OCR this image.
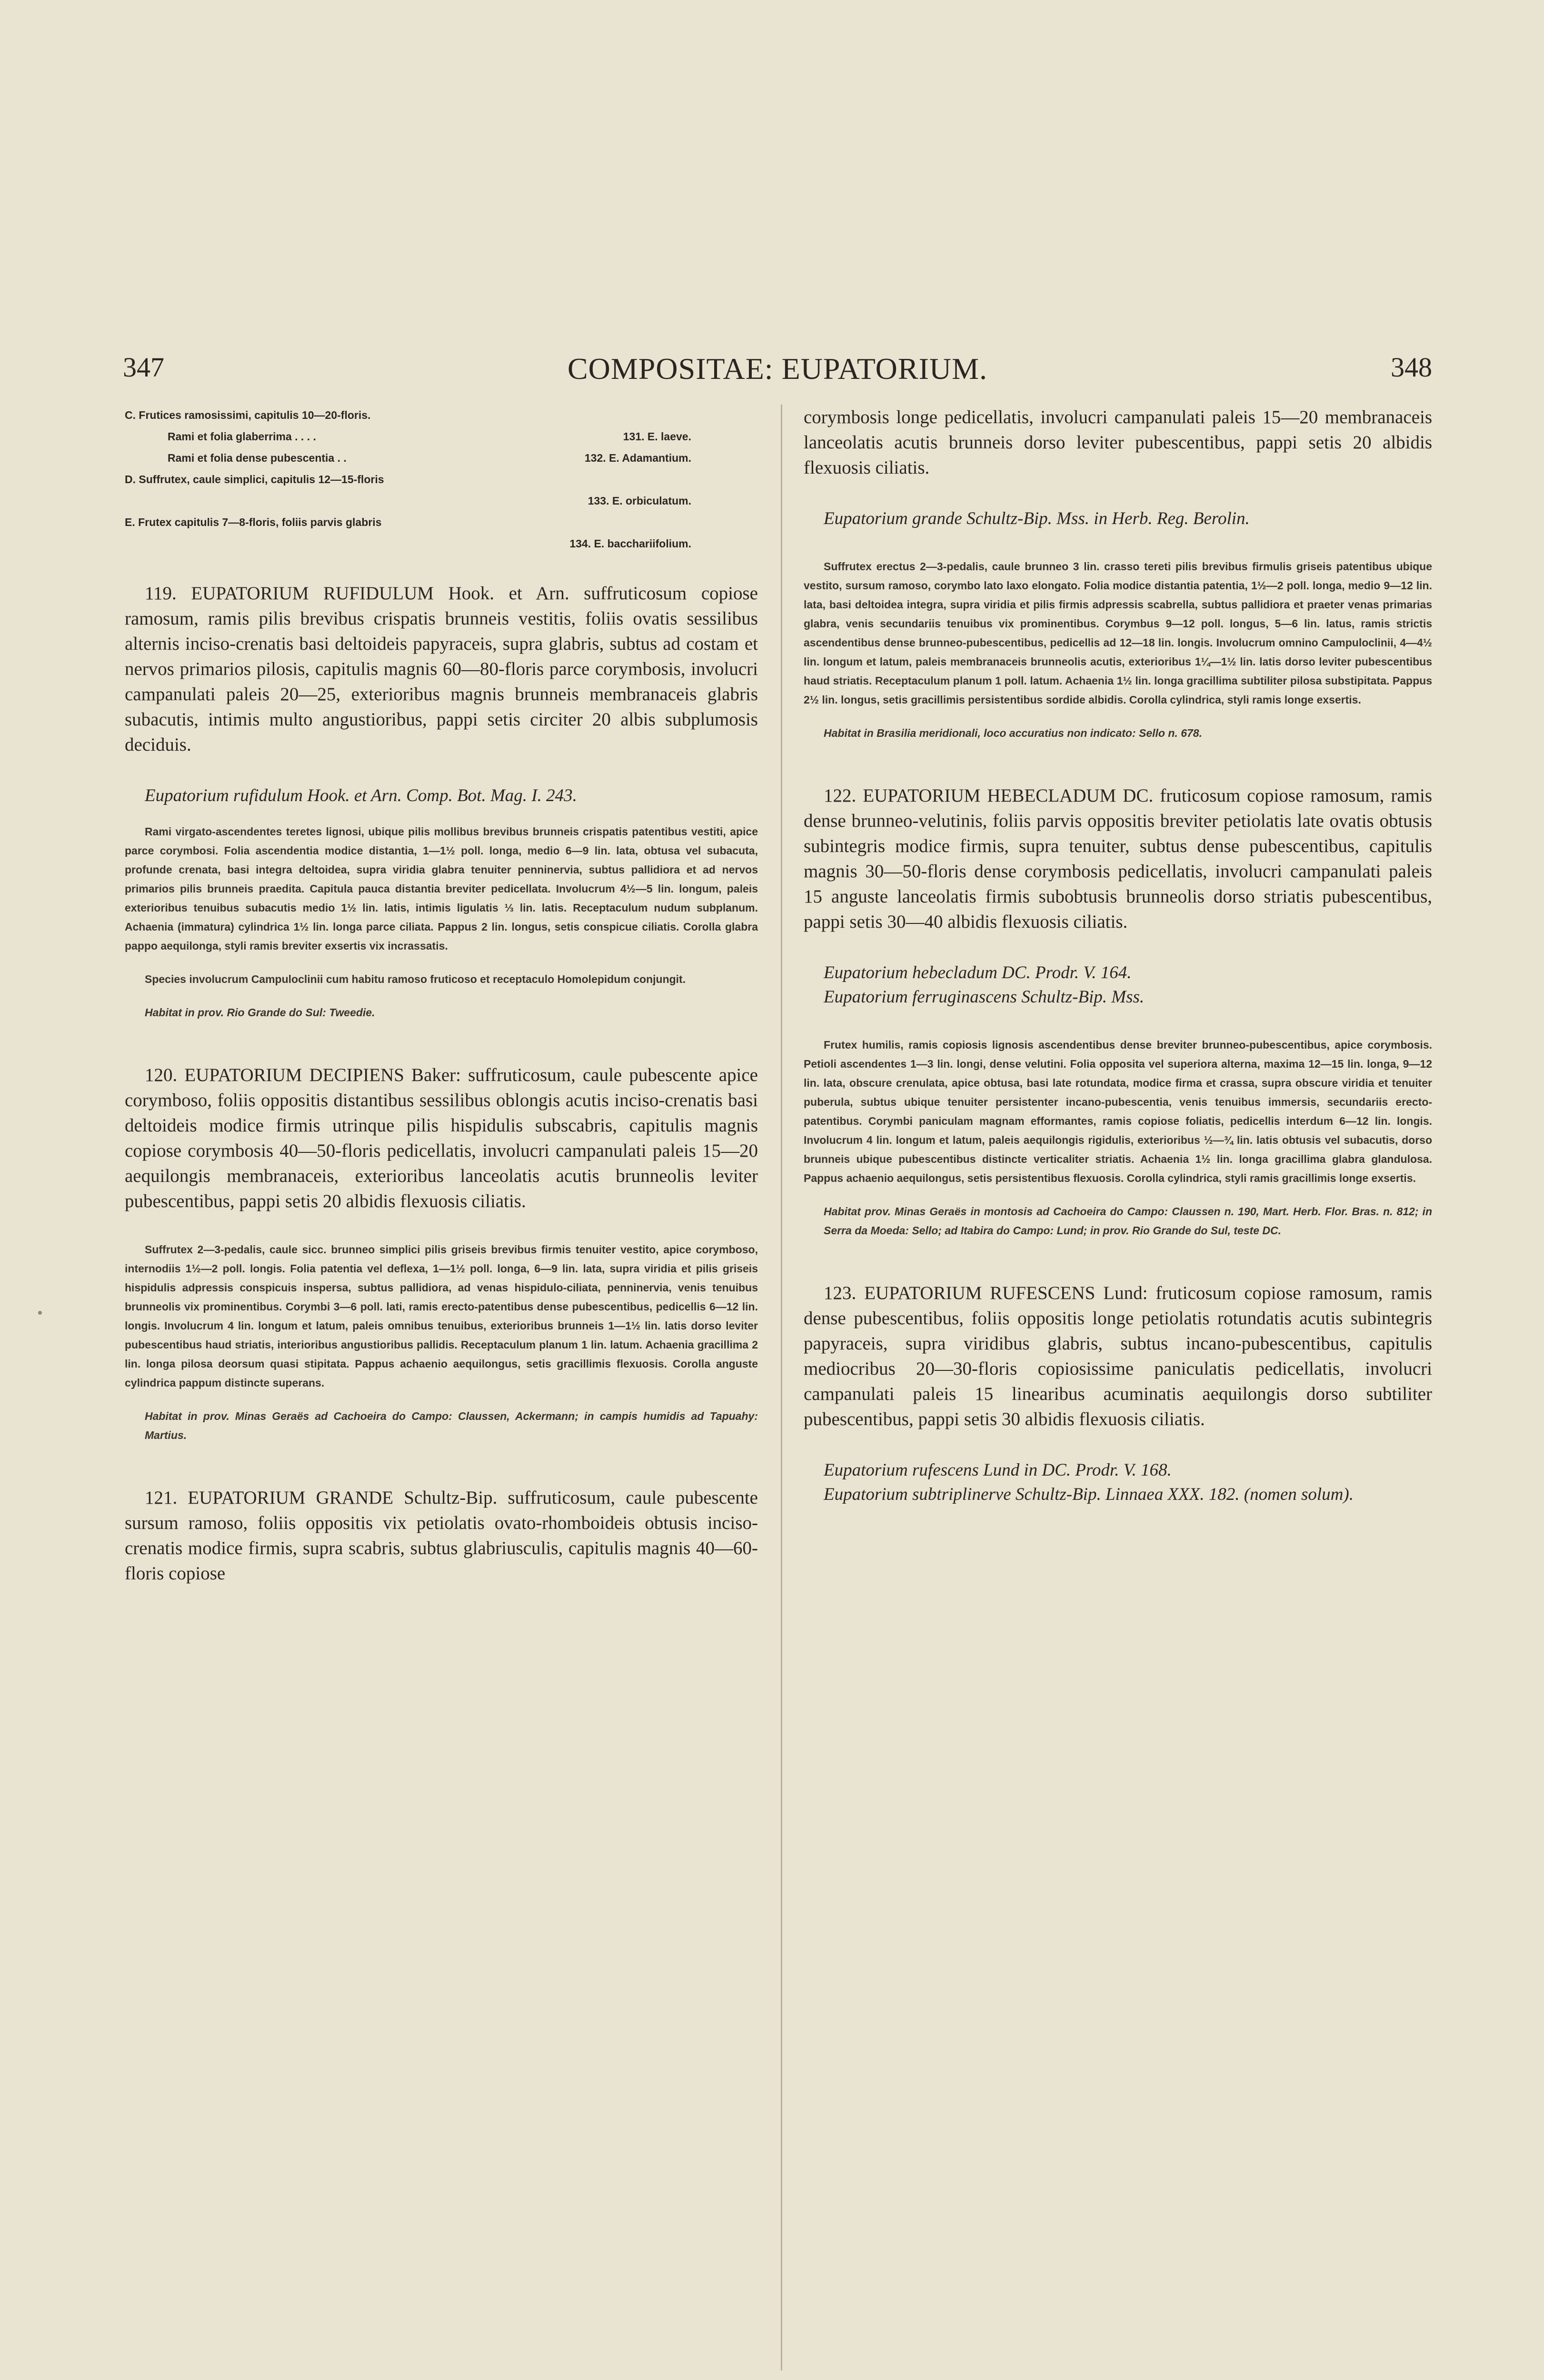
347	COMPOSITAE: EUPATORIUM.	348
•
C. Frutices ramosissimi, capitulis 10—20-floris.
Rami et folia glaberrima . . . .	131. E. laeve.
Rami et folia dense pubescentia . .	132. E. Adamantium.
D. Suffrutex, caule simplici, capitulis 12—15-floris
133. E. orbiculatum.
E. Frutex capitulis 7—8-floris, foliis parvis glabris
134. E. bacchariifolium.

119. EUPATORIUM RUFIDULUM Hook. et Arn. suffruticosum copiose ramosum, ramis pilis brevibus crispatis brunneis vestitis, foliis ovatis sessilibus alternis inciso-crenatis basi deltoideis papyraceis, supra glabris, subtus ad costam et nervos primarios pilosis, capitulis magnis 60—80-floris parce corymbosis, involucri campanulati paleis 20—25, exterioribus magnis brunneis membranaceis glabris subacutis, intimis multo angustioribus, pappi setis circiter 20 albis subplumosis deciduis.

Eupatorium rufidulum Hook. et Arn. Comp. Bot. Mag. I. 243.

Rami virgato-ascendentes teretes lignosi, ubique pilis mollibus brevibus brunneis crispatis patentibus vestiti, apice parce corymbosi. Folia ascendentia modice distantia, 1—1½ poll. longa, medio 6—9 lin. lata, obtusa vel subacuta, profunde crenata, basi integra deltoidea, supra viridia glabra tenuiter penninervia, subtus pallidiora et ad nervos primarios pilis brunneis praedita. Capitula pauca distantia breviter pedicellata. Involucrum 4½—5 lin. longum, paleis exterioribus tenuibus subacutis medio 1½ lin. latis, intimis ligulatis ⅓ lin. latis. Receptaculum nudum subplanum. Achaenia (immatura) cylindrica 1½ lin. longa parce ciliata. Pappus 2 lin. longus, setis conspicue ciliatis. Corolla glabra pappo aequilonga, styli ramis breviter exsertis vix incrassatis.

Species involucrum Campuloclinii cum habitu ramoso fruticoso et receptaculo Homolepidum conjungit.

Habitat in prov. Rio Grande do Sul: Tweedie.

120. EUPATORIUM DECIPIENS Baker: suffruticosum, caule pubescente apice corymboso, foliis oppositis distantibus sessilibus oblongis acutis inciso-crenatis basi deltoideis modice firmis utrinque pilis hispidulis subscabris, capitulis magnis copiose corymbosis 40—50-floris pedicellatis, involucri campanulati paleis 15—20 aequilongis membranaceis, exterioribus lanceolatis acutis brunneolis leviter pubescentibus, pappi setis 20 albidis flexuosis ciliatis.

Suffrutex 2—3-pedalis, caule sicc. brunneo simplici pilis griseis brevibus firmis tenuiter vestito, apice corymboso, internodiis 1½—2 poll. longis. Folia patentia vel deflexa, 1—1½ poll. longa, 6—9 lin. lata, supra viridia et pilis griseis hispidulis adpressis conspicuis inspersa, subtus pallidiora, ad venas hispidulo-ciliata, penninervia, venis tenuibus brunneolis vix prominentibus. Corymbi 3—6 poll. lati, ramis erecto-patentibus dense pubescentibus, pedicellis 6—12 lin. longis. Involucrum 4 lin. longum et latum, paleis omnibus tenuibus, exterioribus brunneis 1—1½ lin. latis dorso leviter pubescentibus haud striatis, interioribus angustioribus pallidis. Receptaculum planum 1 lin. latum. Achaenia gracillima 2 lin. longa pilosa deorsum quasi stipitata. Pappus achaenio aequilongus, setis gracillimis flexuosis. Corolla anguste cylindrica pappum distincte superans.

Habitat in prov. Minas Geraës ad Cachoeira do Campo: Claussen, Ackermann; in campis humidis ad Tapuahy: Martius.

121. EUPATORIUM GRANDE Schultz-Bip. suffruticosum, caule pubescente sursum ramoso, foliis oppositis vix petiolatis ovato-rhomboideis obtusis inciso-crenatis modice firmis, supra scabris, subtus glabriusculis, capitulis magnis 40—60-floris copiose

corymbosis longe pedicellatis, involucri campanulati paleis 15—20 membranaceis lanceolatis acutis brunneis dorso leviter pubescentibus, pappi setis 20 albidis flexuosis ciliatis.

Eupatorium grande Schultz-Bip. Mss. in Herb. Reg. Berolin.

Suffrutex erectus 2—3-pedalis, caule brunneo 3 lin. crasso tereti pilis brevibus firmulis griseis patentibus ubique vestito, sursum ramoso, corymbo lato laxo elongato. Folia modice distantia patentia, 1½—2 poll. longa, medio 9—12 lin. lata, basi deltoidea integra, supra viridia et pilis firmis adpressis scabrella, subtus pallidiora et praeter venas primarias glabra, venis secundariis tenuibus vix prominentibus. Corymbus 9—12 poll. longus, 5—6 lin. latus, ramis strictis ascendentibus dense brunneo-pubescentibus, pedicellis ad 12—18 lin. longis. Involucrum omnino Campuloclinii, 4—4½ lin. longum et latum, paleis membranaceis brunneolis acutis, exterioribus 1¼—1½ lin. latis dorso leviter pubescentibus haud striatis. Receptaculum planum 1 poll. latum. Achaenia 1½ lin. longa gracillima subtiliter pilosa substipitata. Pappus 2½ lin. longus, setis gracillimis persistentibus sordide albidis. Corolla cylindrica, styli ramis longe exsertis.

Habitat in Brasilia meridionali, loco accuratius non indicato: Sello n. 678.

122. EUPATORIUM HEBECLADUM DC. fruticosum copiose ramosum, ramis dense brunneo-velutinis, foliis parvis oppositis breviter petiolatis late ovatis obtusis subintegris modice firmis, supra tenuiter, subtus dense pubescentibus, capitulis magnis 30—50-floris dense corymbosis pedicellatis, involucri campanulati paleis 15 anguste lanceolatis firmis subobtusis brunneolis dorso striatis pubescentibus, pappi setis 30—40 albidis flexuosis ciliatis.

Eupatorium hebecladum DC. Prodr. V. 164.

Eupatorium ferruginascens Schultz-Bip. Mss.

Frutex humilis, ramis copiosis lignosis ascendentibus dense breviter brunneo-pubescentibus, apice corymbosis. Petioli ascendentes 1—3 lin. longi, dense velutini. Folia opposita vel superiora alterna, maxima 12—15 lin. longa, 9—12 lin. lata, obscure crenulata, apice obtusa, basi late rotundata, modice firma et crassa, supra obscure viridia et tenuiter puberula, subtus ubique tenuiter persistenter incano-pubescentia, venis tenuibus immersis, secundariis erecto-patentibus. Corymbi paniculam magnam efformantes, ramis copiose foliatis, pedicellis interdum 6—12 lin. longis. Involucrum 4 lin. longum et latum, paleis aequilongis rigidulis, exterioribus ½—¾ lin. latis obtusis vel subacutis, dorso brunneis ubique pubescentibus distincte verticaliter striatis. Achaenia 1½ lin. longa gracillima glabra glandulosa. Pappus achaenio aequilongus, setis persistentibus flexuosis. Corolla cylindrica, styli ramis gracillimis longe exsertis.

Habitat prov. Minas Geraës in montosis ad Cachoeira do Campo: Claussen n. 190, Mart. Herb. Flor. Bras. n. 812; in Serra da Moeda: Sello; ad Itabira do Campo: Lund; in prov. Rio Grande do Sul, teste DC.

123. EUPATORIUM RUFESCENS Lund: fruticosum copiose ramosum, ramis dense pubescentibus, foliis oppositis longe petiolatis rotundatis acutis subintegris papyraceis, supra viridibus glabris, subtus incano-pubescentibus, capitulis mediocribus 20—30-floris copiosissime paniculatis pedicellatis, involucri campanulati paleis 15 linearibus acuminatis aequilongis dorso subtiliter pubescentibus, pappi setis 30 albidis flexuosis ciliatis.

Eupatorium rufescens Lund in DC. Prodr. V. 168.

Eupatorium subtriplinerve Schultz-Bip. Linnaea XXX. 182. (nomen solum).
